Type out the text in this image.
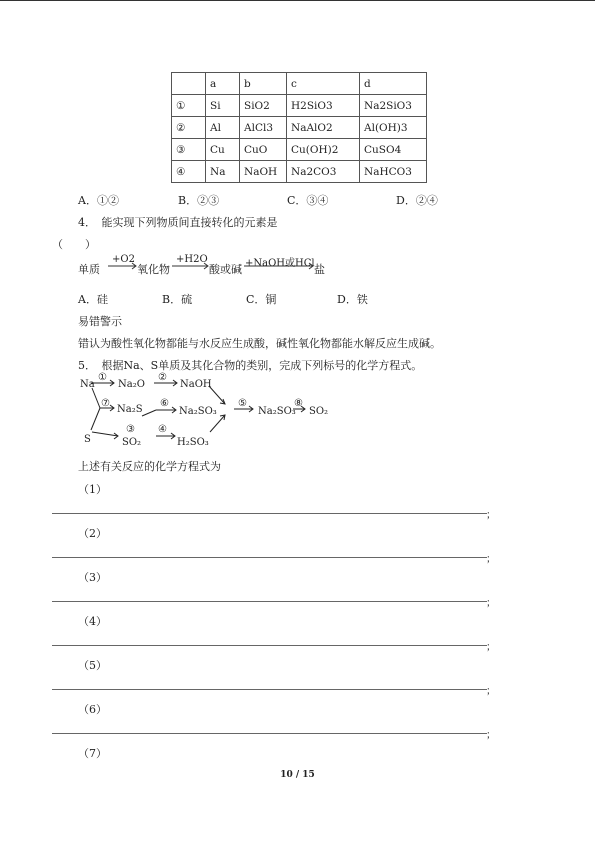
	a	b	c	d
①	Si	SiO2	H2SiO3	Na2SiO3
②	Al	AlCl3	NaAlO2	Al(OH)3
③	Cu	CuO	Cu(OH)2	CuSO4
④	Na	NaOH	Na2CO3	NaHCO3
A．①②	B．②③	C．③④	D．②④
4．　能实现下列物质间直接转化的元素是
（　　）
单质
+O2
氧化物
+H2O
酸或碱 +NaOH或HCl 盐
A．硅	B．硫	C．铜	D．铁
易错警示
错认为酸性氧化物都能与水反应生成酸，碱性氧化物都能水解反应生成碱。
5．　根据Na、S单质及其化合物的类别，完成下列标号的化学方程式。
Na Na₂O	NaOH
Na₂S	Na₂SO₃	Na₂SO₃ SO₂
S	SO₂	H₂SO₃
①	②
③ ④
⑤
⑥
⑦	⑧
上述有关反应的化学方程式为
（1）
；
（2）
；
（3）
；
（4）
；
（5）
；
（6）
；
（7）
10 / 15
